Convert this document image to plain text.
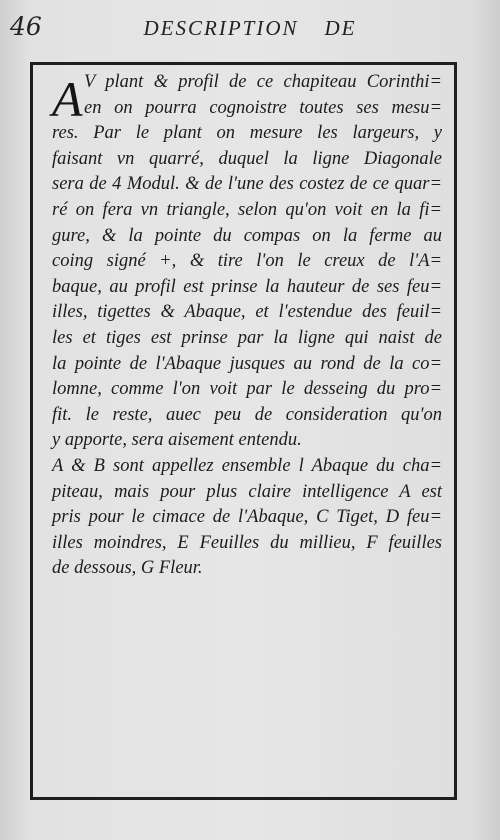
46	DESCRIPTION DE
A V plant & profil de ce chapiteau Corinthi=
en on pourra cognoistre toutes ses mesu=
res. Par le plant on mesure les largeurs, y
faisant vn quarré, duquel la ligne Diagonale
sera de 4 Modul. & de l'une des costez de ce quar=
ré on fera vn triangle, selon qu'on voit en la fi=
gure, & la pointe du compas on la ferme au
coing signé +, & tire l'on le creux de l'A=
baque, au profil est prinse la hauteur de ses feu=
illes, tigettes & Abaque, et l'estendue des feuil=
les et tiges est prinse par la ligne qui naist de
la pointe de l'Abaque jusques au rond de la co=
lomne, comme l'on voit par le desseing du pro=
fit. le reste, auec peu de consideration qu'on
y apporte, sera aisement entendu.
A & B sont appellez ensemble l Abaque du cha=
piteau, mais pour plus claire intelligence A est
pris pour le cimace de l'Abaque, C Tiget, D feu=
illes moindres, E Feuilles du millieu, F feuilles
de dessous, G Fleur.
